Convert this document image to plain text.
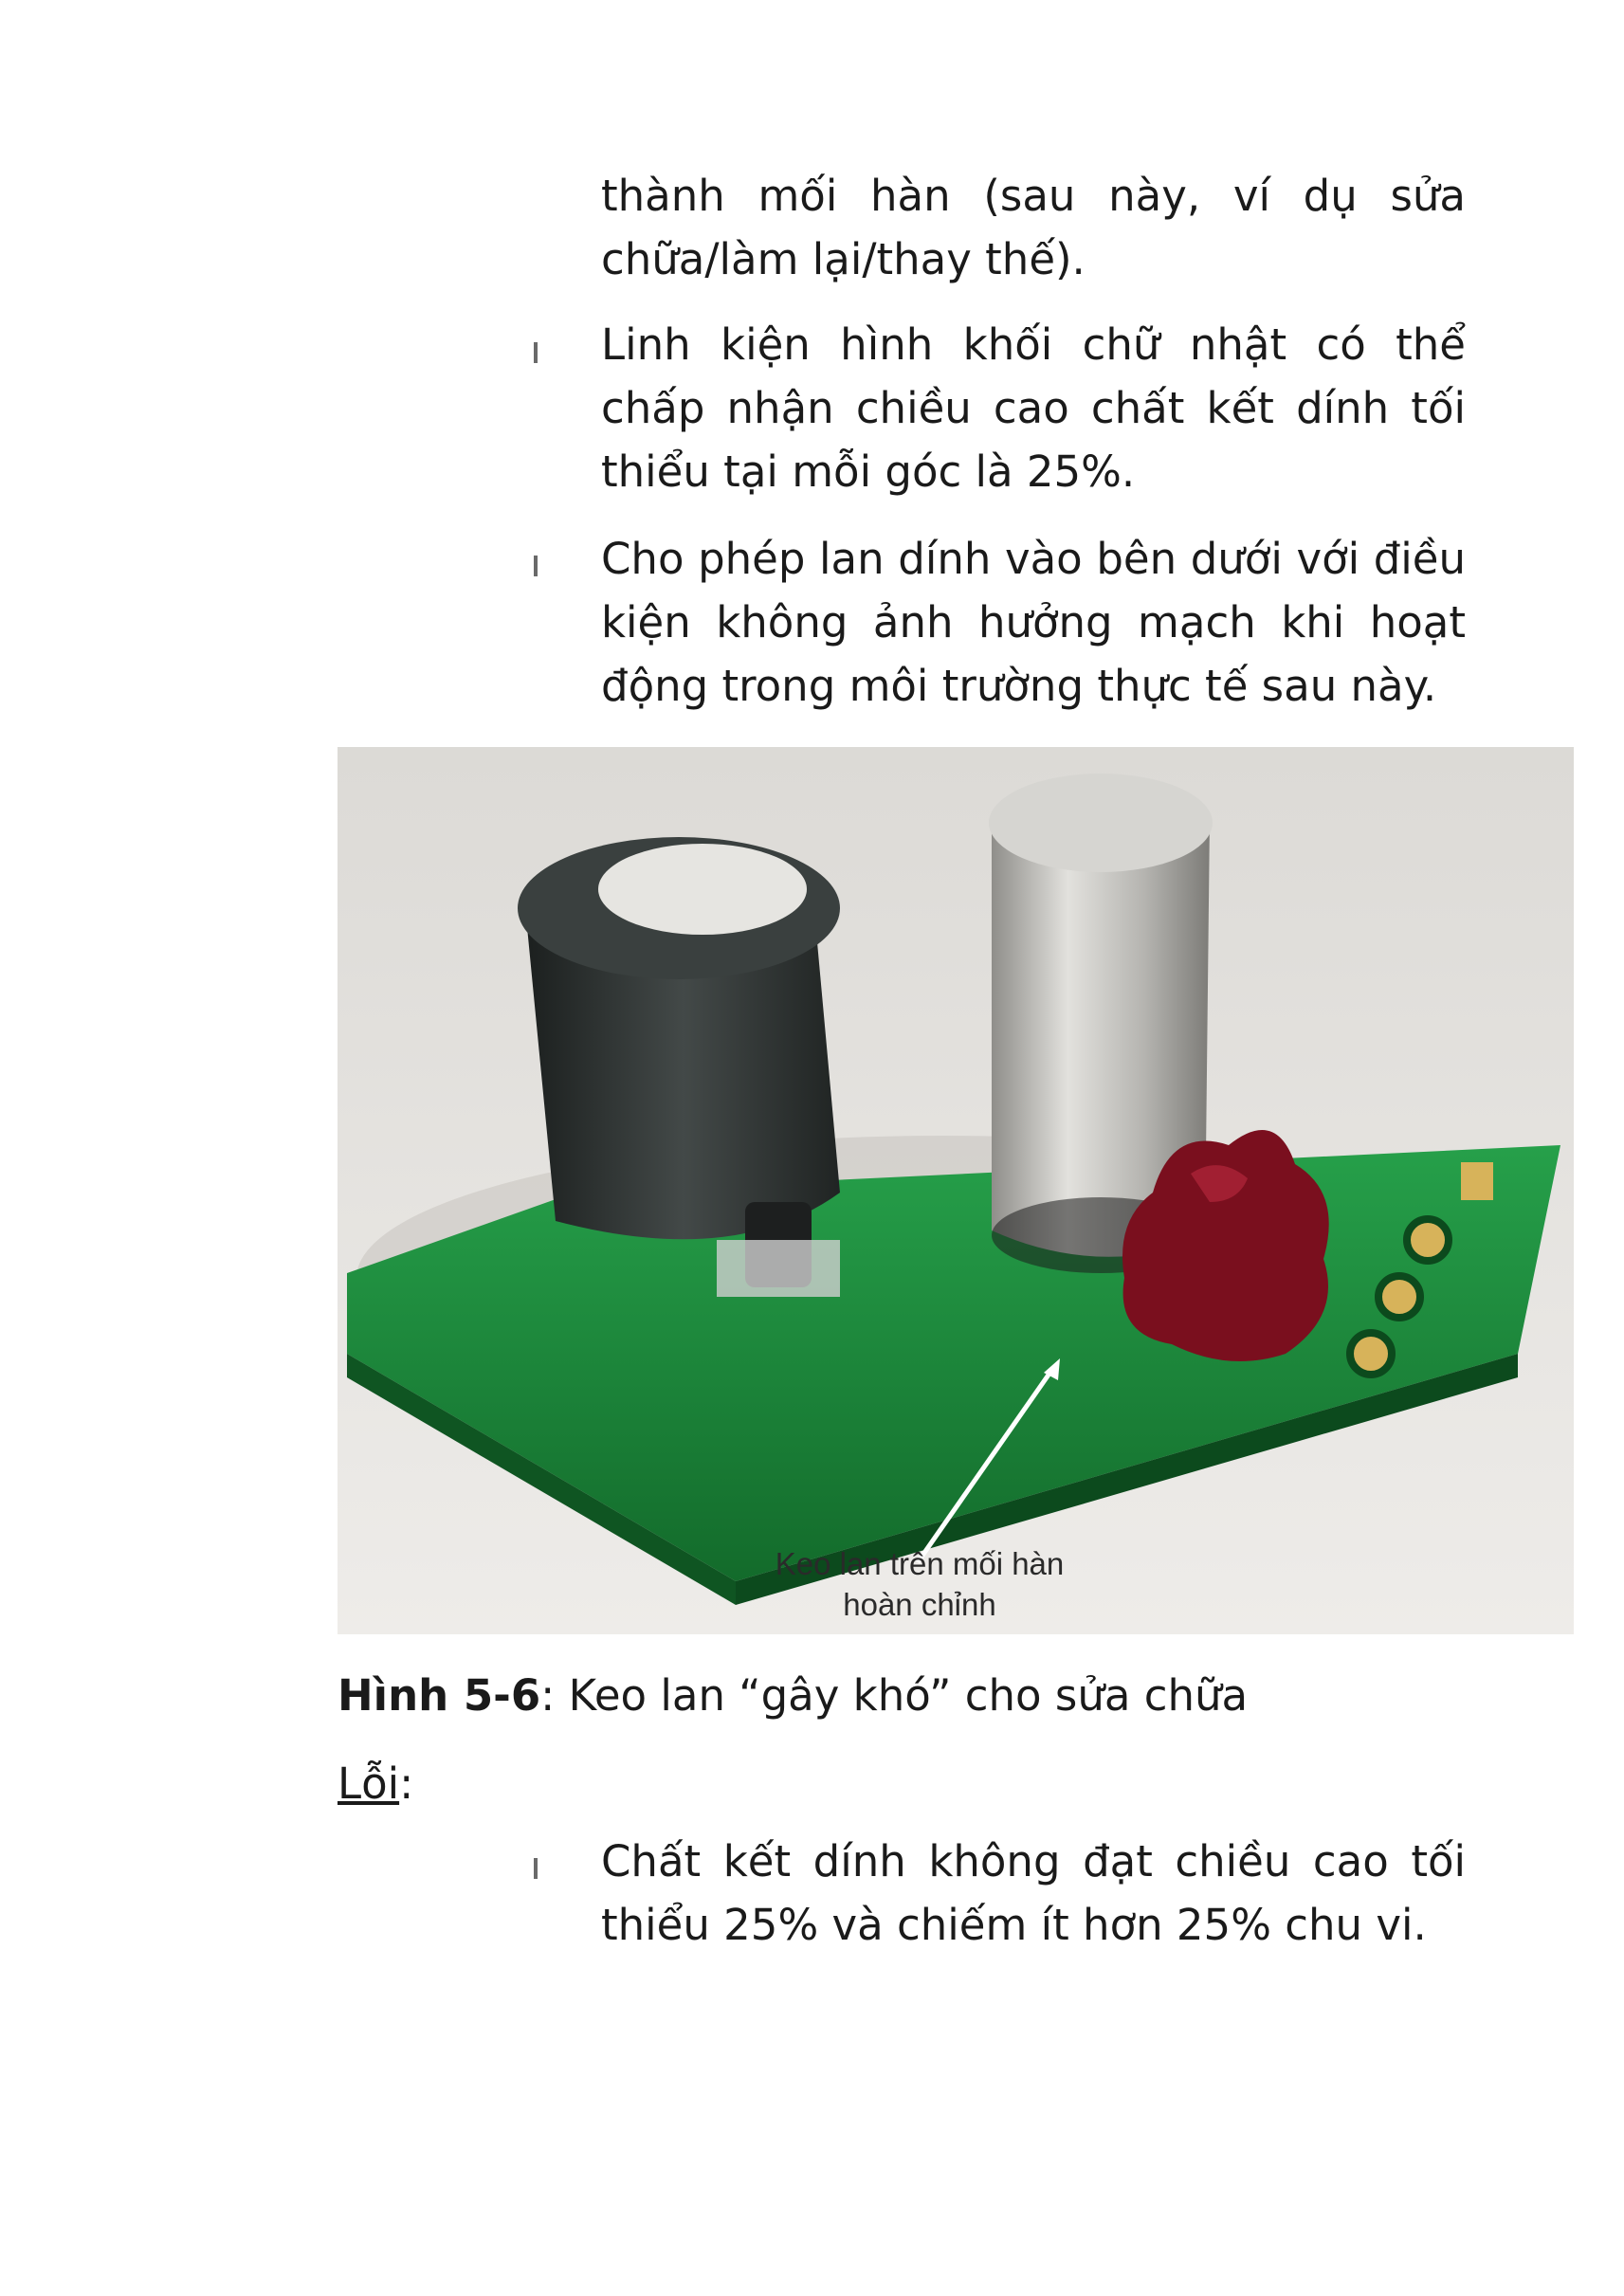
thành mối hàn (sau này, ví dụ sửa chữa/làm lại/thay thế).

Linh kiện hình khối chữ nhật có thể chấp nhận chiều cao chất kết dính tối thiểu tại mỗi góc là 25%.

Cho phép lan dính vào bên dưới với điều kiện không ảnh hưởng mạch khi hoạt động trong môi trường thực tế sau này.

Keo lan trên mối hàn
hoàn chỉnh

Hình 5-6: Keo lan “gây khó” cho sửa chữa

Lỗi:

Chất kết dính không đạt chiều cao tối thiểu 25% và chiếm ít hơn 25% chu vi.
